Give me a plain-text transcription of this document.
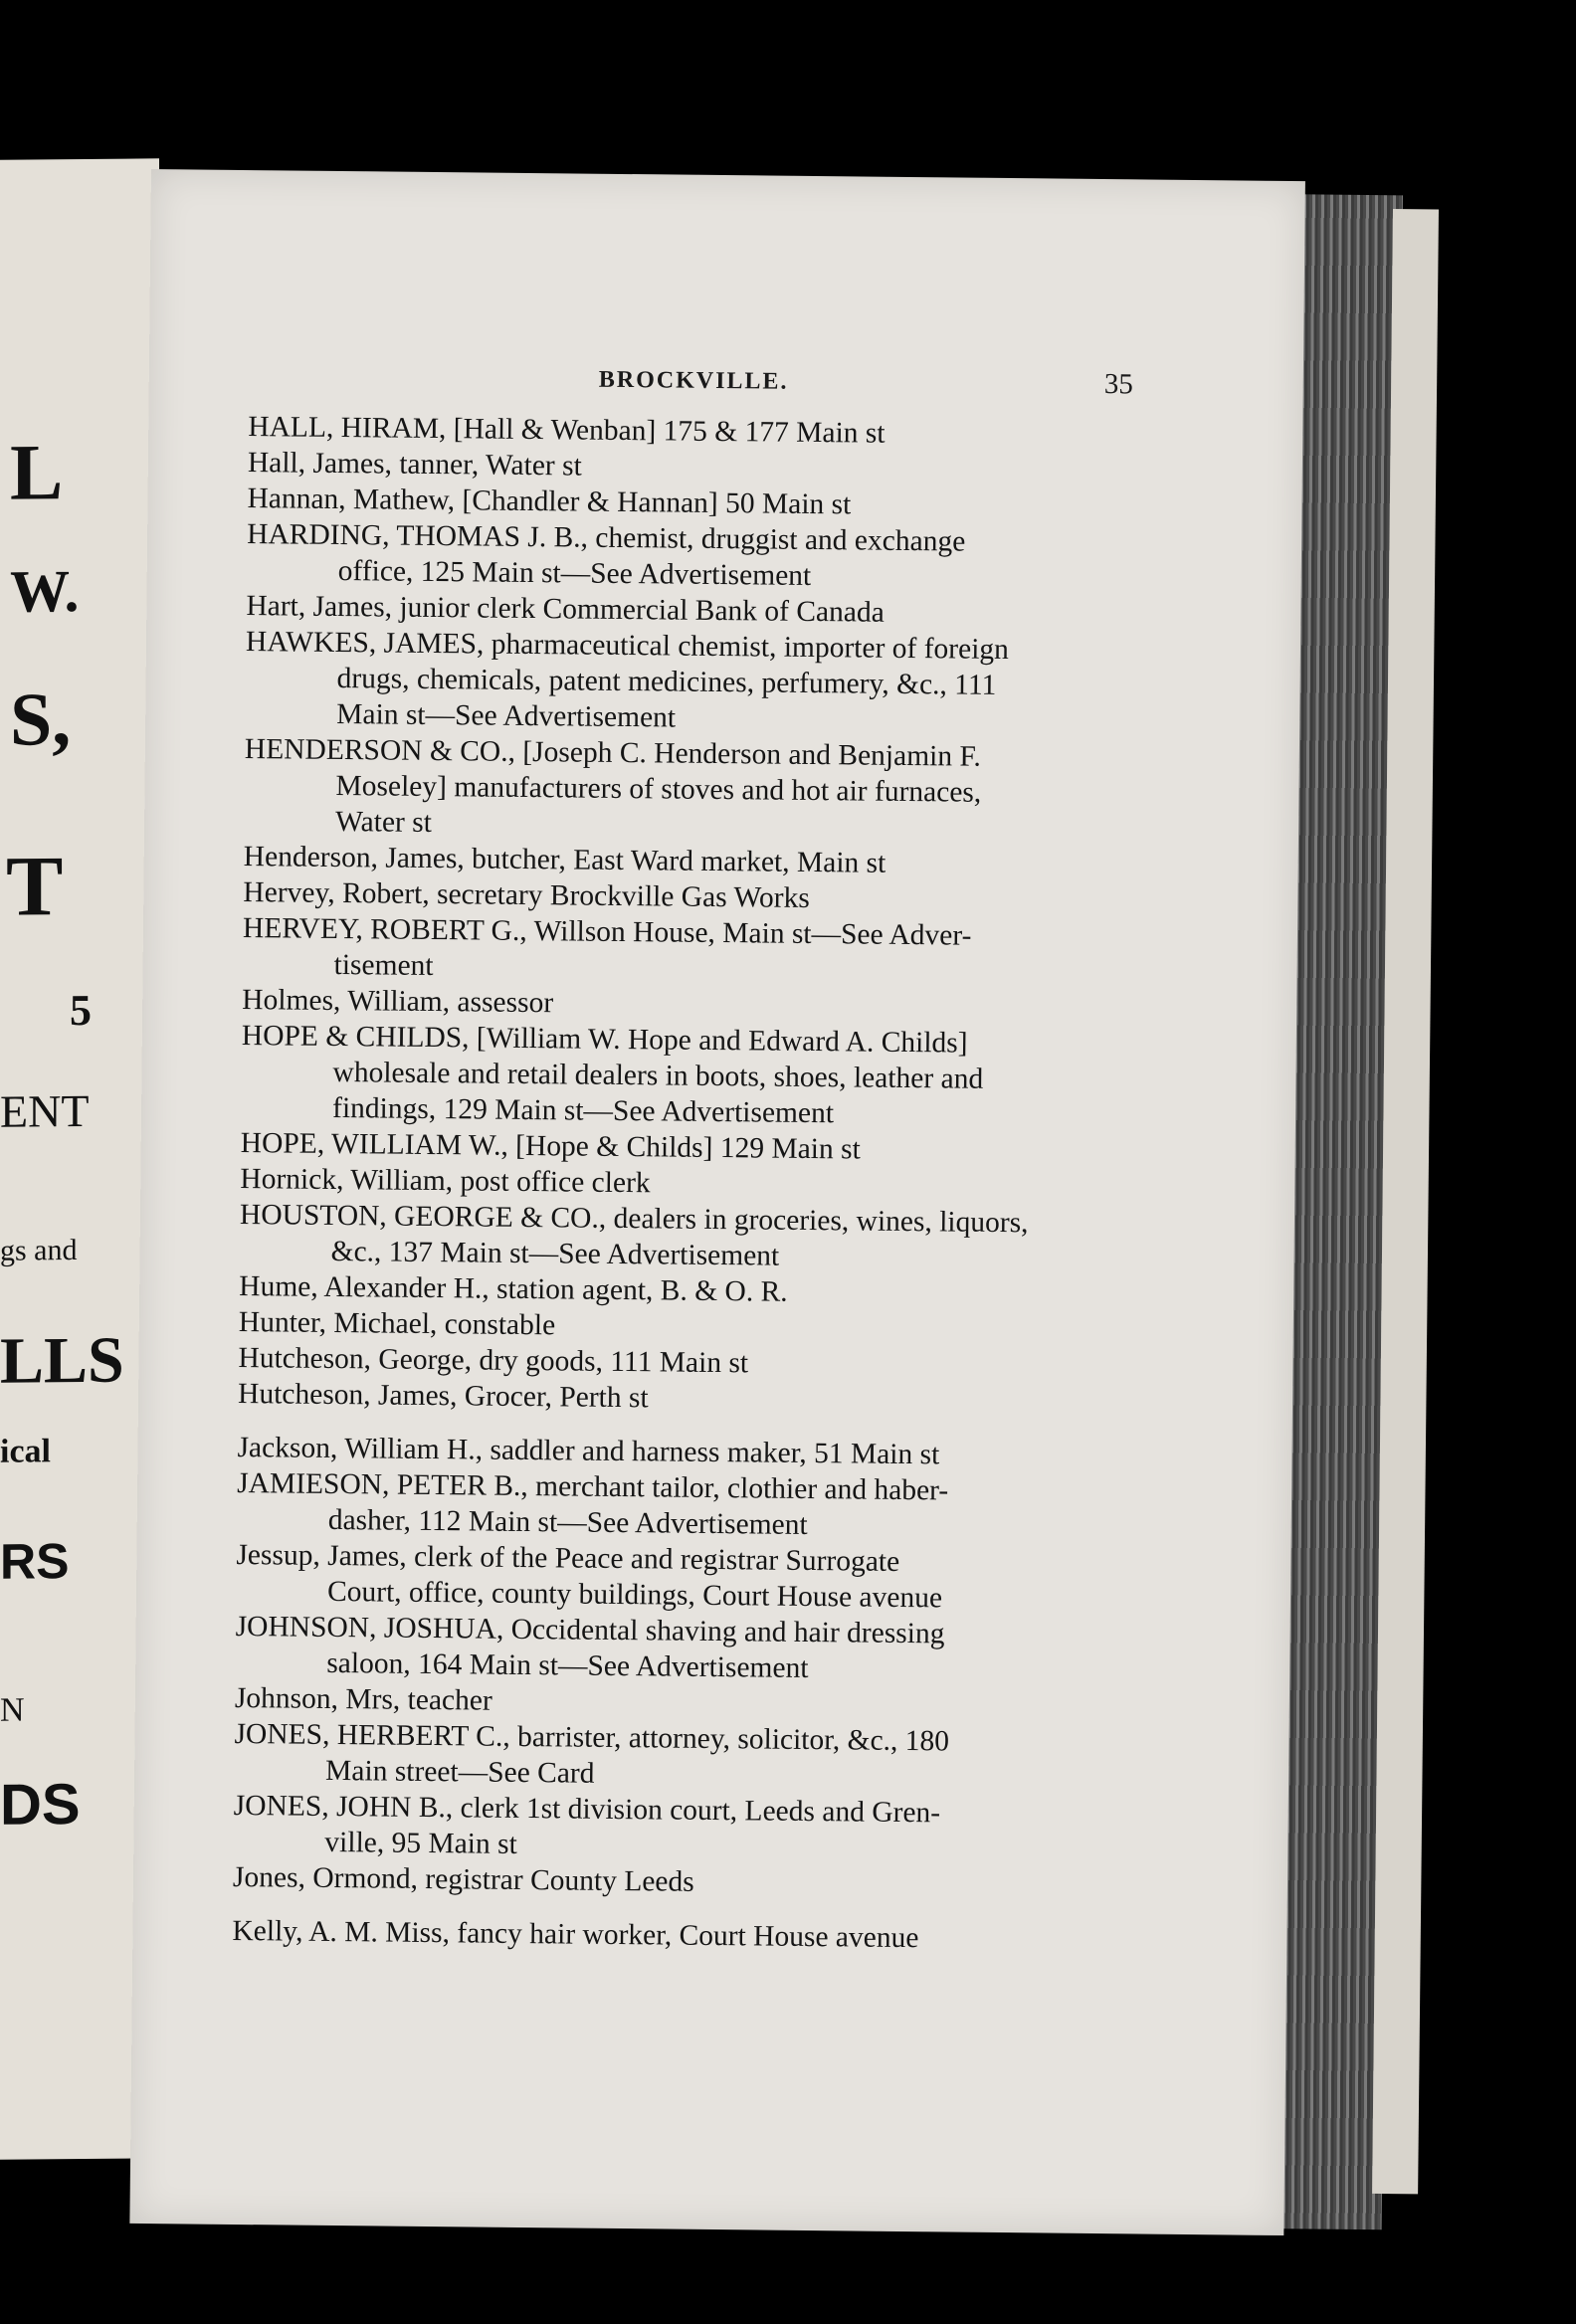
L
W.
S,
T
5
ENT
gs and
LLS
ical
RS
N
DS
BROCKVILLE.	35
HALL, HIRAM, [Hall & Wenban] 175 & 177 Main st
Hall, James, tanner, Water st
Hannan, Mathew, [Chandler & Hannan] 50 Main st
HARDING, THOMAS J. B., chemist, druggist and exchange
office, 125 Main st—See Advertisement
Hart, James, junior clerk Commercial Bank of Canada
HAWKES, JAMES, pharmaceutical chemist, importer of foreign
drugs, chemicals, patent medicines, perfumery, &c., 111
Main st—See Advertisement
HENDERSON & CO., [Joseph C. Henderson and Benjamin F.
Moseley] manufacturers of stoves and hot air furnaces,
Water st
Henderson, James, butcher, East Ward market, Main st
Hervey, Robert, secretary Brockville Gas Works
HERVEY, ROBERT G., Willson House, Main st—See Adver-
tisement
Holmes, William, assessor
HOPE & CHILDS, [William W. Hope and Edward A. Childs]
wholesale and retail dealers in boots, shoes, leather and
findings, 129 Main st—See Advertisement
HOPE, WILLIAM W., [Hope & Childs] 129 Main st
Hornick, William, post office clerk
HOUSTON, GEORGE & CO., dealers in groceries, wines, liquors,
&c., 137 Main st—See Advertisement
Hume, Alexander H., station agent, B. & O. R.
Hunter, Michael, constable
Hutcheson, George, dry goods, 111 Main st
Hutcheson, James, Grocer, Perth st
Jackson, William H., saddler and harness maker, 51 Main st
JAMIESON, PETER B., merchant tailor, clothier and haber-
dasher, 112 Main st—See Advertisement
Jessup, James, clerk of the Peace and registrar Surrogate
Court, office, county buildings, Court House avenue
JOHNSON, JOSHUA, Occidental shaving and hair dressing
saloon, 164 Main st—See Advertisement
Johnson, Mrs, teacher
JONES, HERBERT C., barrister, attorney, solicitor, &c., 180
Main street—See Card
JONES, JOHN B., clerk 1st division court, Leeds and Gren-
ville, 95 Main st
Jones, Ormond, registrar County Leeds
Kelly, A. M. Miss, fancy hair worker, Court House avenue
